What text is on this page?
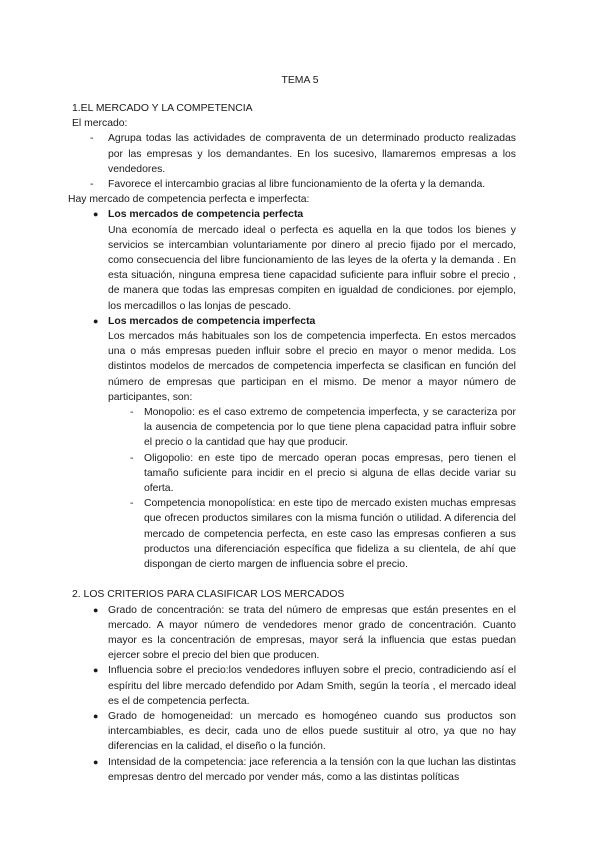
TEMA 5

1.EL MERCADO Y LA COMPETENCIA

El mercado:

- Agrupa todas las actividades de compraventa de un determinado producto realizadas por las empresas y los demandantes. En los sucesivo, llamaremos empresas a los vendedores.

- Favorece el intercambio gracias al libre funcionamiento de la oferta y la demanda.

Hay mercado de competencia perfecta e imperfecta:

● Los mercados de competencia perfecta

Una economía de mercado ideal o perfecta es aquella en la que todos los bienes y servicios se intercambian voluntariamente por dinero al precio fijado por el mercado, como consecuencia del libre funcionamiento de las leyes de la oferta y la demanda . En esta situación, ninguna empresa tiene capacidad suficiente para influir sobre el precio , de manera que todas las empresas compiten en igualdad de condiciones. por ejemplo, los mercadillos o las lonjas de pescado.

● Los mercados de competencia imperfecta

Los mercados más habituales son los de competencia imperfecta. En estos mercados una o más empresas pueden influir sobre el precio en mayor o menor medida. Los distintos modelos de mercados de competencia imperfecta se clasifican en función del número de empresas que participan en el mismo. De menor a mayor número de participantes, son:

- Monopolio: es el caso extremo de competencia imperfecta, y se caracteriza por la ausencia de competencia por lo que tiene plena capacidad patra influir sobre el precio o la cantidad que hay que producir.

- Oligopolio: en este tipo de mercado operan pocas empresas, pero tienen el tamaño suficiente para incidir en el precio si alguna de ellas decide variar su oferta.

- Competencia monopolística: en este tipo de mercado existen muchas empresas que ofrecen productos similares con la misma función o utilidad. A diferencia del mercado de competencia perfecta, en este caso las empresas confieren a sus productos una diferenciación específica que fideliza a su clientela, de ahí que dispongan de cierto margen de influencia sobre el precio.

2. LOS CRITERIOS PARA CLASIFICAR LOS MERCADOS

● Grado de concentración: se trata del número de empresas que están presentes en el mercado. A mayor número de vendedores menor grado de concentración. Cuanto mayor es la concentración de empresas, mayor será la influencia que estas puedan ejercer sobre el precio del bien que producen.

● Influencia sobre el precio:los vendedores influyen sobre el precio, contradiciendo así el espíritu del libre mercado defendido por Adam Smith, según la teoría , el mercado ideal es el de competencia perfecta.

● Grado de homogeneidad: un mercado es homogéneo cuando sus productos son intercambiables, es decir, cada uno de ellos puede sustituir al otro, ya que no hay diferencias en la calidad, el diseño o la función.

● Intensidad de la competencia: jace referencia a la tensión con la que luchan las distintas empresas dentro del mercado por vender más, como a las distintas políticas
